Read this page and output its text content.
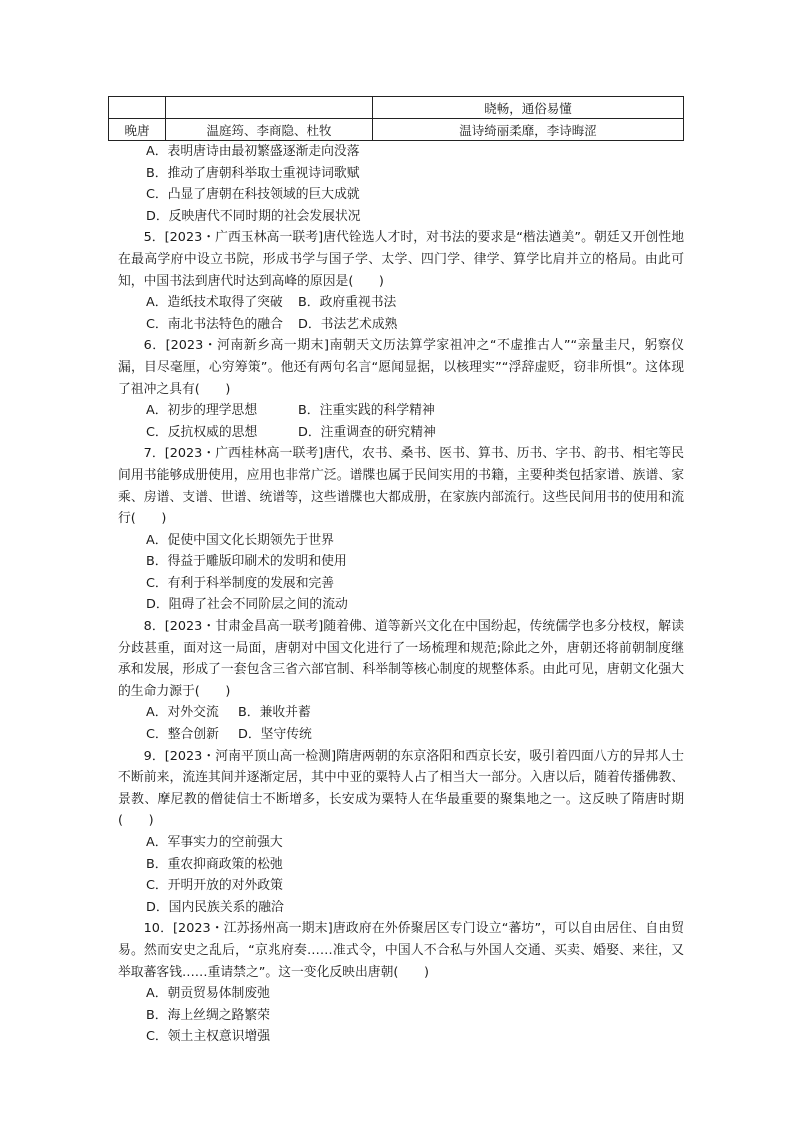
		晓畅，通俗易懂
晚唐	温庭筠、李商隐、杜牧	温诗绮丽柔靡，李诗晦涩

A．表明唐诗由最初繁盛逐渐走向没落

B．推动了唐朝科举取士重视诗词歌赋

C．凸显了唐朝在科技领域的巨大成就

D．反映唐代不同时期的社会发展状况

5．[2023・广西玉林高一联考]唐代铨选人才时，对书法的要求是“楷法遒美”。朝廷又开创性地在最高学府中设立书院，形成书学与国子学、太学、四门学、律学、算学比肩并立的格局。由此可知，中国书法到唐代时达到高峰的原因是(　　)

A．造纸技术取得了突破 B．政府重视书法

C．南北书法特色的融合 D．书法艺术成熟

6．[2023・河南新乡高一期末]南朝天文历法算学家祖冲之“不虚推古人”“亲量圭尺，躬察仪漏，目尽毫厘，心穷筹策”。他还有两句名言“愿闻显据，以核理实”“浮辞虚贬，窃非所惧”。这体现了祖冲之具有(　　)

A．初步的理学思想	B．注重实践的科学精神

C．反抗权威的思想	D．注重调查的研究精神

7．[2023・广西桂林高一联考]唐代，农书、桑书、医书、算书、历书、字书、韵书、相宅等民间用书能够成册使用，应用也非常广泛。谱牒也属于民间实用的书籍，主要种类包括家谱、族谱、家乘、房谱、支谱、世谱、统谱等，这些谱牒也大都成册，在家族内部流行。这些民间用书的使用和流行(　　)

A．促使中国文化长期领先于世界

B．得益于雕版印刷术的发明和使用

C．有利于科举制度的发展和完善

D．阻碍了社会不同阶层之间的流动

8．[2023・甘肃金昌高一联考]随着佛、道等新兴文化在中国纷起，传统儒学也多分枝杈，解读分歧甚重，面对这一局面，唐朝对中国文化进行了一场梳理和规范;除此之外，唐朝还将前朝制度继承和发展，形成了一套包含三省六部官制、科举制等核心制度的规整体系。由此可见，唐朝文化强大的生命力源于(　　)

A．对外交流 B．兼收并蓄

C．整合创新 D．坚守传统

9．[2023・河南平顶山高一检测]隋唐两朝的东京洛阳和西京长安，吸引着四面八方的异邦人士不断前来，流连其间并逐渐定居，其中中亚的粟特人占了相当大一部分。入唐以后，随着传播佛教、景教、摩尼教的僧徒信士不断增多，长安成为粟特人在华最重要的聚集地之一。这反映了隋唐时期(　　)

A．军事实力的空前强大

B．重农抑商政策的松弛

C．开明开放的对外政策

D．国内民族关系的融洽

10．[2023・江苏扬州高一期末]唐政府在外侨聚居区专门设立“蕃坊”，可以自由居住、自由贸易。然而安史之乱后，“京兆府奏……准式令，中国人不合私与外国人交通、买卖、婚娶、来往，又举取蕃客钱……重请禁之”。这一变化反映出唐朝(　　)

A．朝贡贸易体制废弛

B．海上丝绸之路繁荣

C．领土主权意识增强
